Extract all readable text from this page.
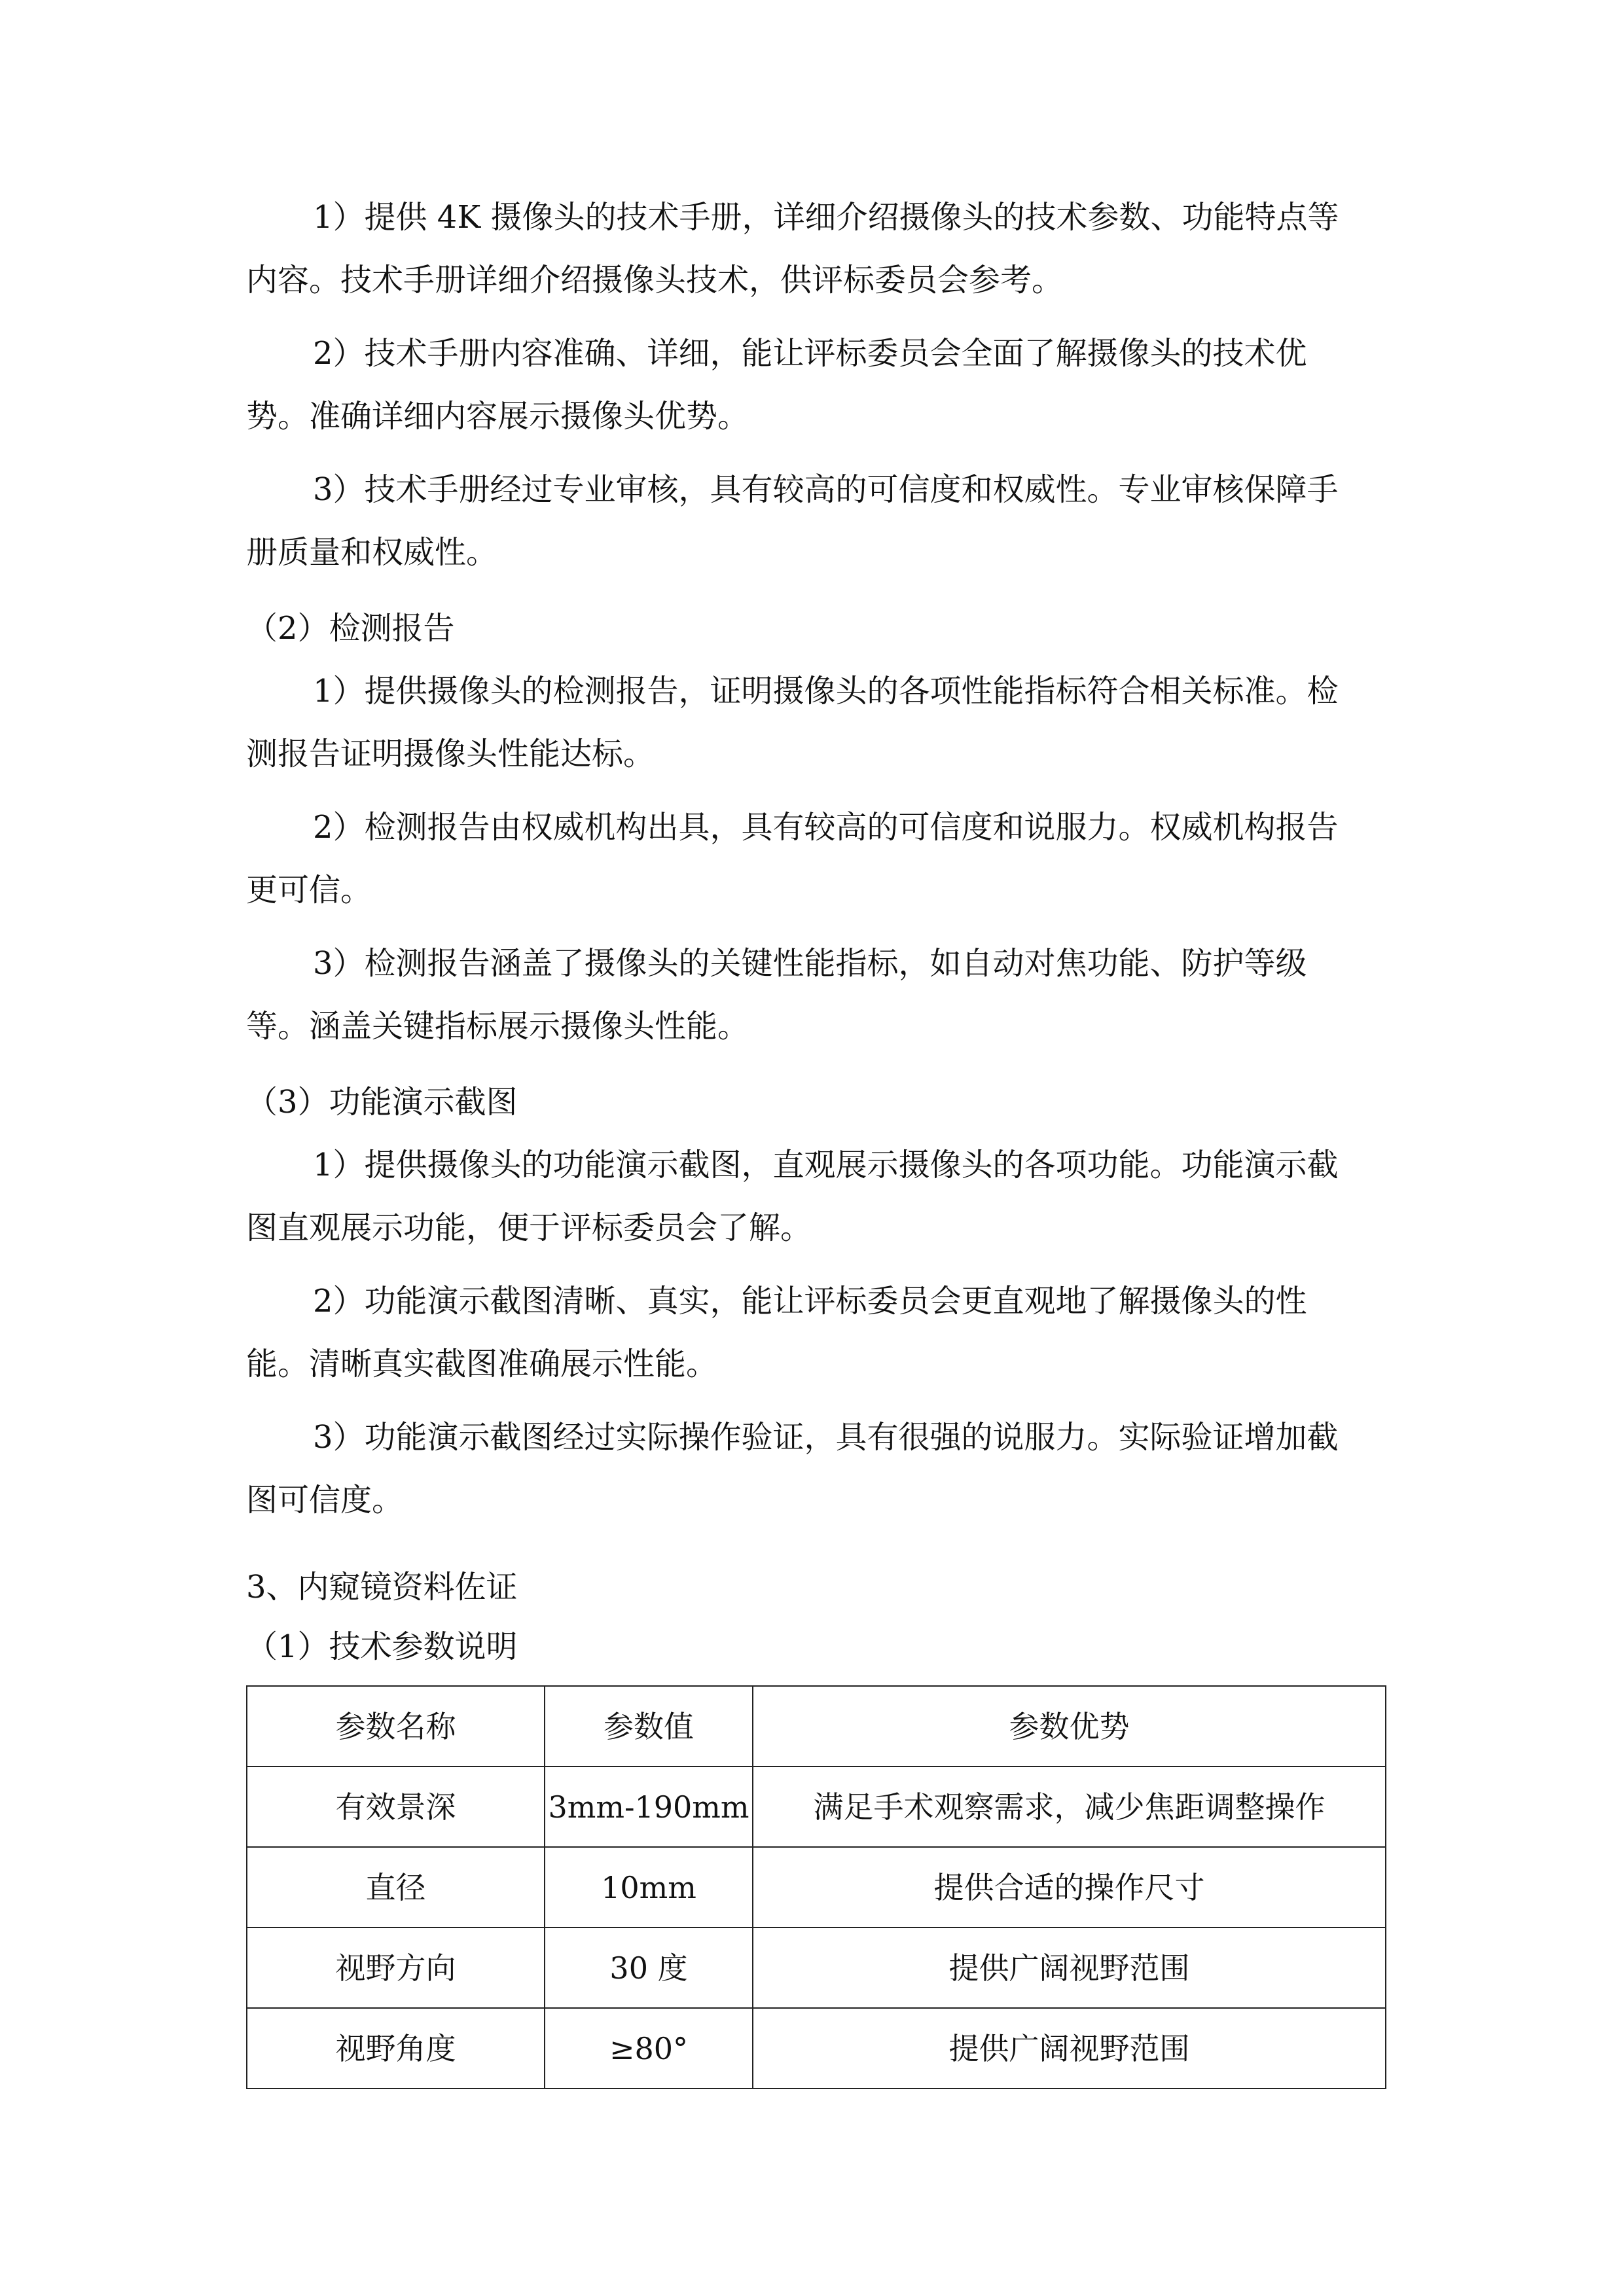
1）提供 4K 摄像头的技术手册，详细介绍摄像头的技术参数、功能特点等
内容。技术手册详细介绍摄像头技术，供评标委员会参考。
2）技术手册内容准确、详细，能让评标委员会全面了解摄像头的技术优
势。准确详细内容展示摄像头优势。
3）技术手册经过专业审核，具有较高的可信度和权威性。专业审核保障手
册质量和权威性。
（2）检测报告
1）提供摄像头的检测报告，证明摄像头的各项性能指标符合相关标准。检
测报告证明摄像头性能达标。
2）检测报告由权威机构出具，具有较高的可信度和说服力。权威机构报告
更可信。
3）检测报告涵盖了摄像头的关键性能指标，如自动对焦功能、防护等级
等。涵盖关键指标展示摄像头性能。
（3）功能演示截图
1）提供摄像头的功能演示截图，直观展示摄像头的各项功能。功能演示截
图直观展示功能，便于评标委员会了解。
2）功能演示截图清晰、真实，能让评标委员会更直观地了解摄像头的性
能。清晰真实截图准确展示性能。
3）功能演示截图经过实际操作验证，具有很强的说服力。实际验证增加截
图可信度。
3、内窥镜资料佐证
（1）技术参数说明
参数名称	参数值	参数优势
有效景深	3mm-190mm	满足手术观察需求，减少焦距调整操作
直径	10mm	提供合适的操作尺寸
视野方向	30 度	提供广阔视野范围
视野角度	≥80°	提供广阔视野范围
